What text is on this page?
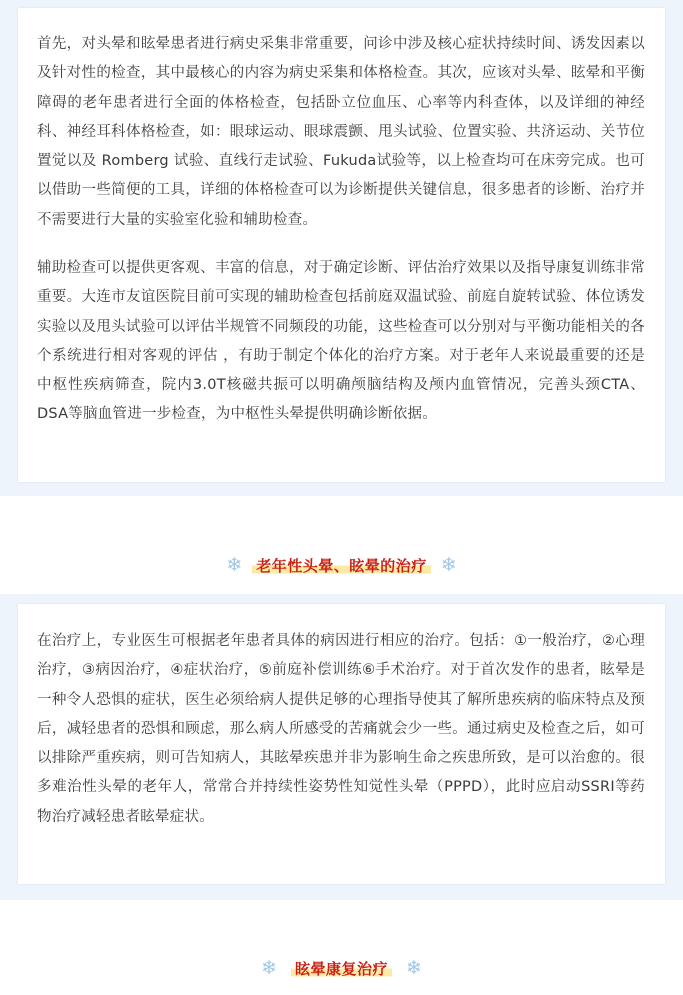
首先，对头晕和眩晕患者进行病史采集非常重要，问诊中涉及核心症状持续时间、诱发因素以及针对性的检查，其中最核心的内容为病史采集和体格检查。其次，应该对头晕、眩晕和平衡障碍的老年患者进行全面的体格检查，包括卧立位血压、心率等内科查体，以及详细的神经科、神经耳科体格检查，如：眼球运动、眼球震颤、甩头试验、位置实验、共济运动、关节位置觉以及 Romberg 试验、直线行走试验、Fukuda试验等，以上检查均可在床旁完成。也可以借助一些简便的工具，详细的体格检查可以为诊断提供关键信息，很多患者的诊断、治疗并不需要进行大量的实验室化验和辅助检查。

辅助检查可以提供更客观、丰富的信息，对于确定诊断、评估治疗效果以及指导康复训练非常重要。大连市友谊医院目前可实现的辅助检查包括前庭双温试验、前庭自旋转试验、体位诱发实验以及甩头试验可以评估半规管不同频段的功能，这些检查可以分别对与平衡功能相关的各个系统进行相对客观的评估 ，有助于制定个体化的治疗方案。对于老年人来说最重要的还是中枢性疾病筛查，院内3.0T核磁共振可以明确颅脑结构及颅内血管情况，完善头颈CTA、DSA等脑血管进一步检查，为中枢性头晕提供明确诊断依据。

❄ 老年性头晕、眩晕的治疗 ❄

在治疗上，专业医生可根据老年患者具体的病因进行相应的治疗。包括：①一般治疗，②心理治疗，③病因治疗，④症状治疗，⑤前庭补偿训练⑥手术治疗。对于首次发作的患者，眩晕是一种令人恐惧的症状，医生必须给病人提供足够的心理指导使其了解所患疾病的临床特点及预后，减轻患者的恐惧和顾虑，那么病人所感受的苦痛就会少一些。通过病史及检查之后，如可以排除严重疾病，则可告知病人，其眩晕疾患并非为影响生命之疾患所致，是可以治愈的。很多难治性头晕的老年人，常常合并持续性姿势性知觉性头晕（PPPD），此时应启动SSRI等药物治疗减轻患者眩晕症状。

❄ 眩晕康复治疗 ❄
